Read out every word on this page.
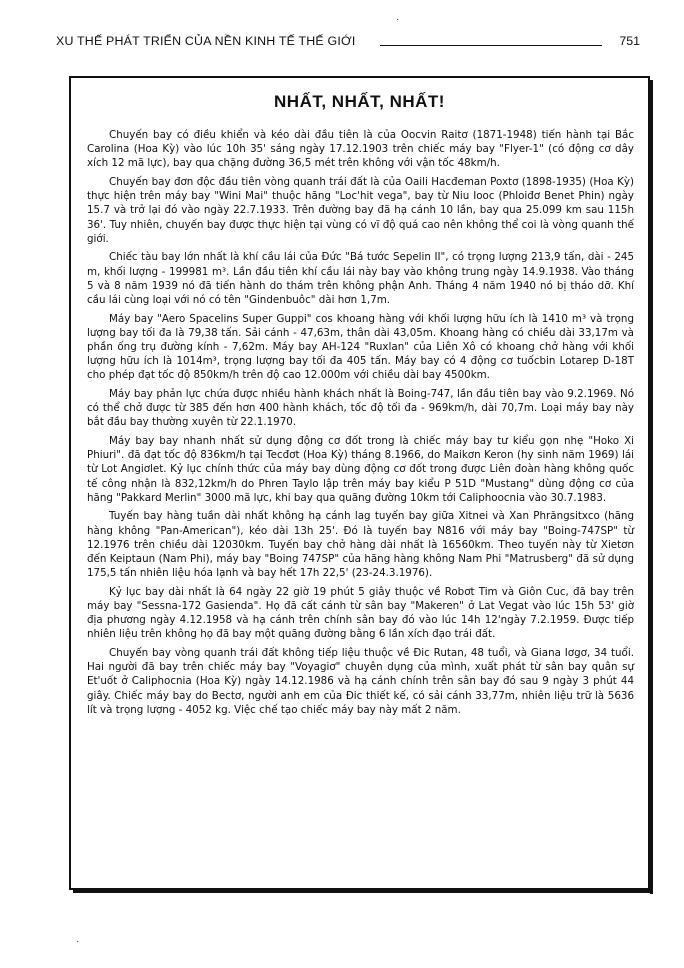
XU THẾ PHÁT TRIỂN CỦA NỀN KINH TẾ THẾ GIỚI	751
NHẤT, NHẤT, NHẤT!

Chuyến bay có điều khiển và kéo dài đầu tiên là của Oocvin Raitơ (1871-1948) tiến hành tại Bắc Carolina (Hoa Kỳ) vào lúc 10h 35' sáng ngày 17.12.1903 trên chiếc máy bay "Flyer-1" (có động cơ dây xích 12 mã lực), bay qua chặng đường 36,5 mét trên không với vận tốc 48km/h.

Chuyến bay đơn độc đầu tiên vòng quanh trái đất là của Oaili Hacđeman Poxtơ (1898-1935) (Hoa Kỳ) thực hiện trên máy bay "Wini Mai" thuộc hãng "Loc'hit vega", bay từ Niu Iooc (Phloiđơ Benet Phin) ngày 15.7 và trở lại đó vào ngày 22.7.1933. Trên đường bay đã hạ cánh 10 lần, bay qua 25.099 km sau 115h 36'. Tuy nhiên, chuyến bay được thực hiện tại vùng có vĩ độ quá cao nên không thể coi là vòng quanh thế giới.

Chiếc tàu bay lớn nhất là khí cầu lái của Đức "Bá tước Sepelin II", có trọng lượng 213,9 tấn, dài - 245 m, khối lượng - 199981 m³. Lần đầu tiên khí cầu lái này bay vào không trung ngày 14.9.1938. Vào tháng 5 và 8 năm 1939 nó đã tiến hành do thám trên không phận Anh. Tháng 4 năm 1940 nó bị tháo dỡ. Khí cầu lái cùng loại với nó có tên "Gindenbuôc" dài hơn 1,7m.

Máy bay "Aero Spacelins Super Guppi" cos khoang hàng với khối lượng hữu ích là 1410 m³ và trọng lượng bay tối đa là 79,38 tấn. Sải cánh - 47,63m, thân dài 43,05m. Khoang hàng có chiều dài 33,17m và phần ống trụ đường kính - 7,62m. Máy bay AH-124 "Ruxlan" của Liên Xô có khoang chở hàng với khối lượng hữu ích là 1014m³, trọng lượng bay tối đa 405 tấn. Máy bay có 4 động cơ tuốcbin Lotarep D-18T cho phép đạt tốc độ 850km/h trên độ cao 12.000m với chiều dài bay 4500km.

Máy bay phản lực chứa được nhiều hành khách nhất là Boing-747, lần đầu tiên bay vào 9.2.1969. Nó có thể chở được từ 385 đến hơn 400 hành khách, tốc độ tối đa - 969km/h, dài 70,7m. Loại máy bay này bắt đầu bay thường xuyên từ 22.1.1970.

Máy bay bay nhanh nhất sử dụng động cơ đốt trong là chiếc máy bay tư kiểu gọn nhẹ "Hoko Xi Phiuri". đã đạt tốc độ 836km/h tại Tecđơt (Hoa Kỳ) tháng 8.1966, do Maikơn Keron (hy sinh năm 1969) lái từ Lot Angiơlet. Kỷ lục chính thức của máy bay dùng động cơ đốt trong được Liên đoàn hàng không quốc tế công nhận là 832,12km/h do Phren Taylo lập trên máy bay kiểu P 51D "Mustang" dùng động cơ của hãng "Pakkard Merlin" 3000 mã lực, khi bay qua quãng đường 10km tới Caliphoocnia vào 30.7.1983.

Tuyến bay hàng tuần dài nhất không hạ cánh lag tuyến bay giữa Xitnei và Xan Phrăngsitxco (hãng hàng không "Pan-American"), kéo dài 13h 25'. Đó là tuyến bay N816 với máy bay "Boing-747SP" từ 12.1976 trên chiều dài 12030km. Tuyến bay chở hàng dài nhất là 16560km. Theo tuyến này từ Xietơn đến Keiptaun (Nam Phi), máy bay "Boing 747SP" của hãng hàng không Nam Phi "Matrusberg" đã sử dụng 175,5 tấn nhiên liệu hóa lạnh và bay hết 17h 22,5' (23-24.3.1976).

Kỷ lục bay dài nhất là 64 ngày 22 giờ 19 phút 5 giây thuộc về Robơt Tim và Giôn Cuc, đã bay trên máy bay "Sessna-172 Gasienda". Họ đã cất cánh từ sân bay "Makeren" ở Lat Vegat vào lúc 15h 53' giờ địa phương ngày 4.12.1958 và hạ cánh trên chính sân bay đó vào lúc 14h 12'ngày 7.2.1959. Được tiếp nhiên liệu trên không họ đã bay một quãng đường bằng 6 lần xích đạo trái đất.

Chuyến bay vòng quanh trái đất không tiếp liệu thuộc về Đic Rutan, 48 tuổi, và Giana Iơgơ, 34 tuổi. Hai người đã bay trên chiếc máy bay "Voyagiơ" chuyên dụng của mình, xuất phát từ sân bay quân sự Et'uốt ở Caliphocnia (Hoa Kỳ) ngày 14.12.1986 và hạ cánh chính trên sân bay đó sau 9 ngày 3 phút 44 giây. Chiếc máy bay do Bectơ, người anh em của Đic thiết kế, có sải cánh 33,77m, nhiên liệu trữ là 5636 lít và trọng lượng - 4052 kg. Việc chế tạo chiếc máy bay này mất 2 năm.

·
·
